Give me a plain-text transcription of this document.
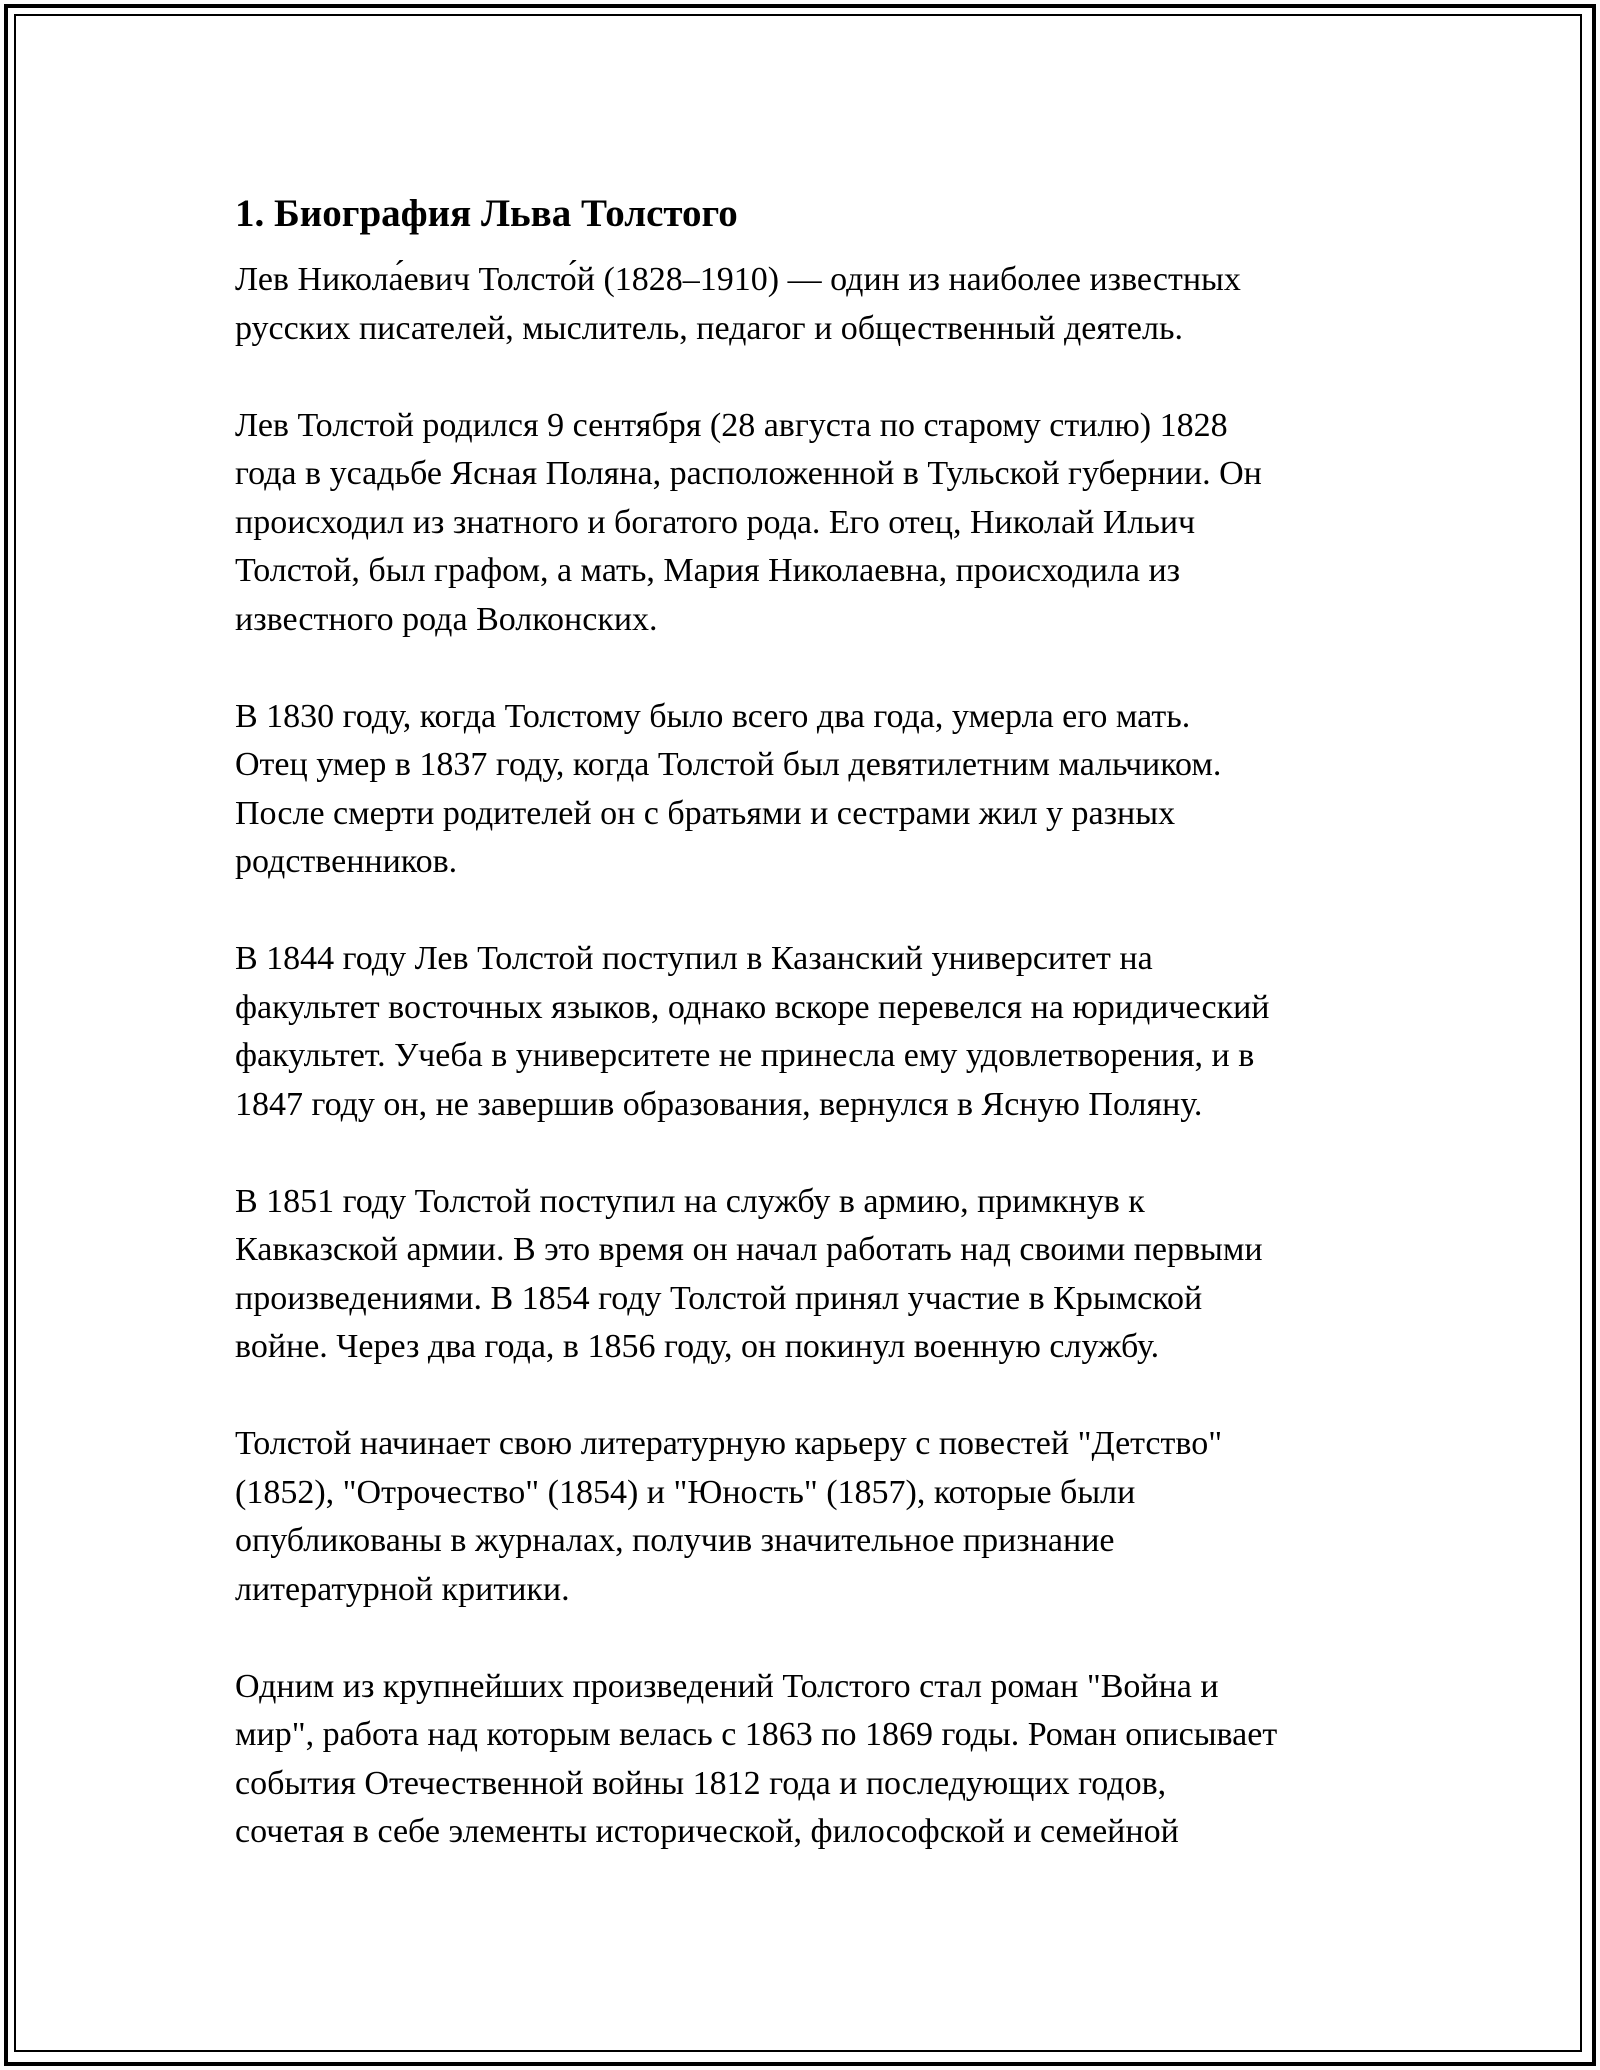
1. Биография Льва Толстого
Лев Никола́евич Толсто́й (1828–1910) — один из наиболее известных
русских писателей, мыслитель, педагог и общественный деятель.
Лев Толстой родился 9 сентября (28 августа по старому стилю) 1828
года в усадьбе Ясная Поляна, расположенной в Тульской губернии. Он
происходил из знатного и богатого рода. Его отец, Николай Ильич
Толстой, был графом, а мать, Мария Николаевна, происходила из
известного рода Волконских.
В 1830 году, когда Толстому было всего два года, умерла его мать.
Отец умер в 1837 году, когда Толстой был девятилетним мальчиком.
После смерти родителей он с братьями и сестрами жил у разных
родственников.
В 1844 году Лев Толстой поступил в Казанский университет на
факультет восточных языков, однако вскоре перевелся на юридический
факультет. Учеба в университете не принесла ему удовлетворения, и в
1847 году он, не завершив образования, вернулся в Ясную Поляну.
В 1851 году Толстой поступил на службу в армию, примкнув к
Кавказской армии. В это время он начал работать над своими первыми
произведениями. В 1854 году Толстой принял участие в Крымской
войне. Через два года, в 1856 году, он покинул военную службу.
Толстой начинает свою литературную карьеру с повестей "Детство"
(1852), "Отрочество" (1854) и "Юность" (1857), которые были
опубликованы в журналах, получив значительное признание
литературной критики.
Одним из крупнейших произведений Толстого стал роман "Война и
мир", работа над которым велась с 1863 по 1869 годы. Роман описывает
события Отечественной войны 1812 года и последующих годов,
сочетая в себе элементы исторической, философской и семейной
